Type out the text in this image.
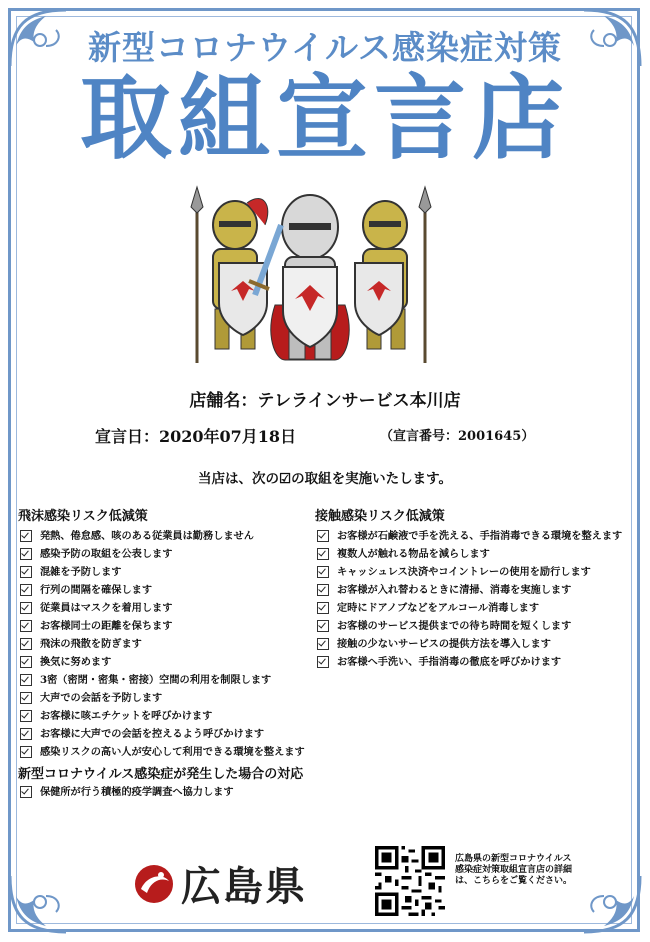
新型コロナウイルス感染症対策
取組宣言店
店舗名：テレラインサービス本川店
宣言日：2020年07月18日	（宣言番号：2001645）
当店は、次の☑の取組を実施いたします。
飛沫感染リスク低減策
発熱、倦怠感、咳のある従業員は勤務しません
感染予防の取組を公表します
混雑を予防します
行列の間隔を確保します
従業員はマスクを着用します
お客様同士の距離を保ちます
飛沫の飛散を防ぎます
換気に努めます
3密（密閉・密集・密接）空間の利用を制限します
大声での会話を予防します
お客様に咳エチケットを呼びかけます
お客様に大声での会話を控えるよう呼びかけます
感染リスクの高い人が安心して利用できる環境を整えます
新型コロナウイルス感染症が発生した場合の対応
保健所が行う積極的疫学調査へ協力します
接触感染リスク低減策
お客様が石鹸液で手を洗える、手指消毒できる環境を整えます
複数人が触れる物品を減らします
キャッシュレス決済やコイントレーの使用を励行します
お客様が入れ替わるときに清掃、消毒を実施します
定時にドアノブなどをアルコール消毒します
お客様のサービス提供までの待ち時間を短くします
接触の少ないサービスの提供方法を導入します
お客様へ手洗い、手指消毒の徹底を呼びかけます
広島県
広島県の新型コロナウイルス感染症対策取組宣言店の詳細は、こちらをご覧ください。
